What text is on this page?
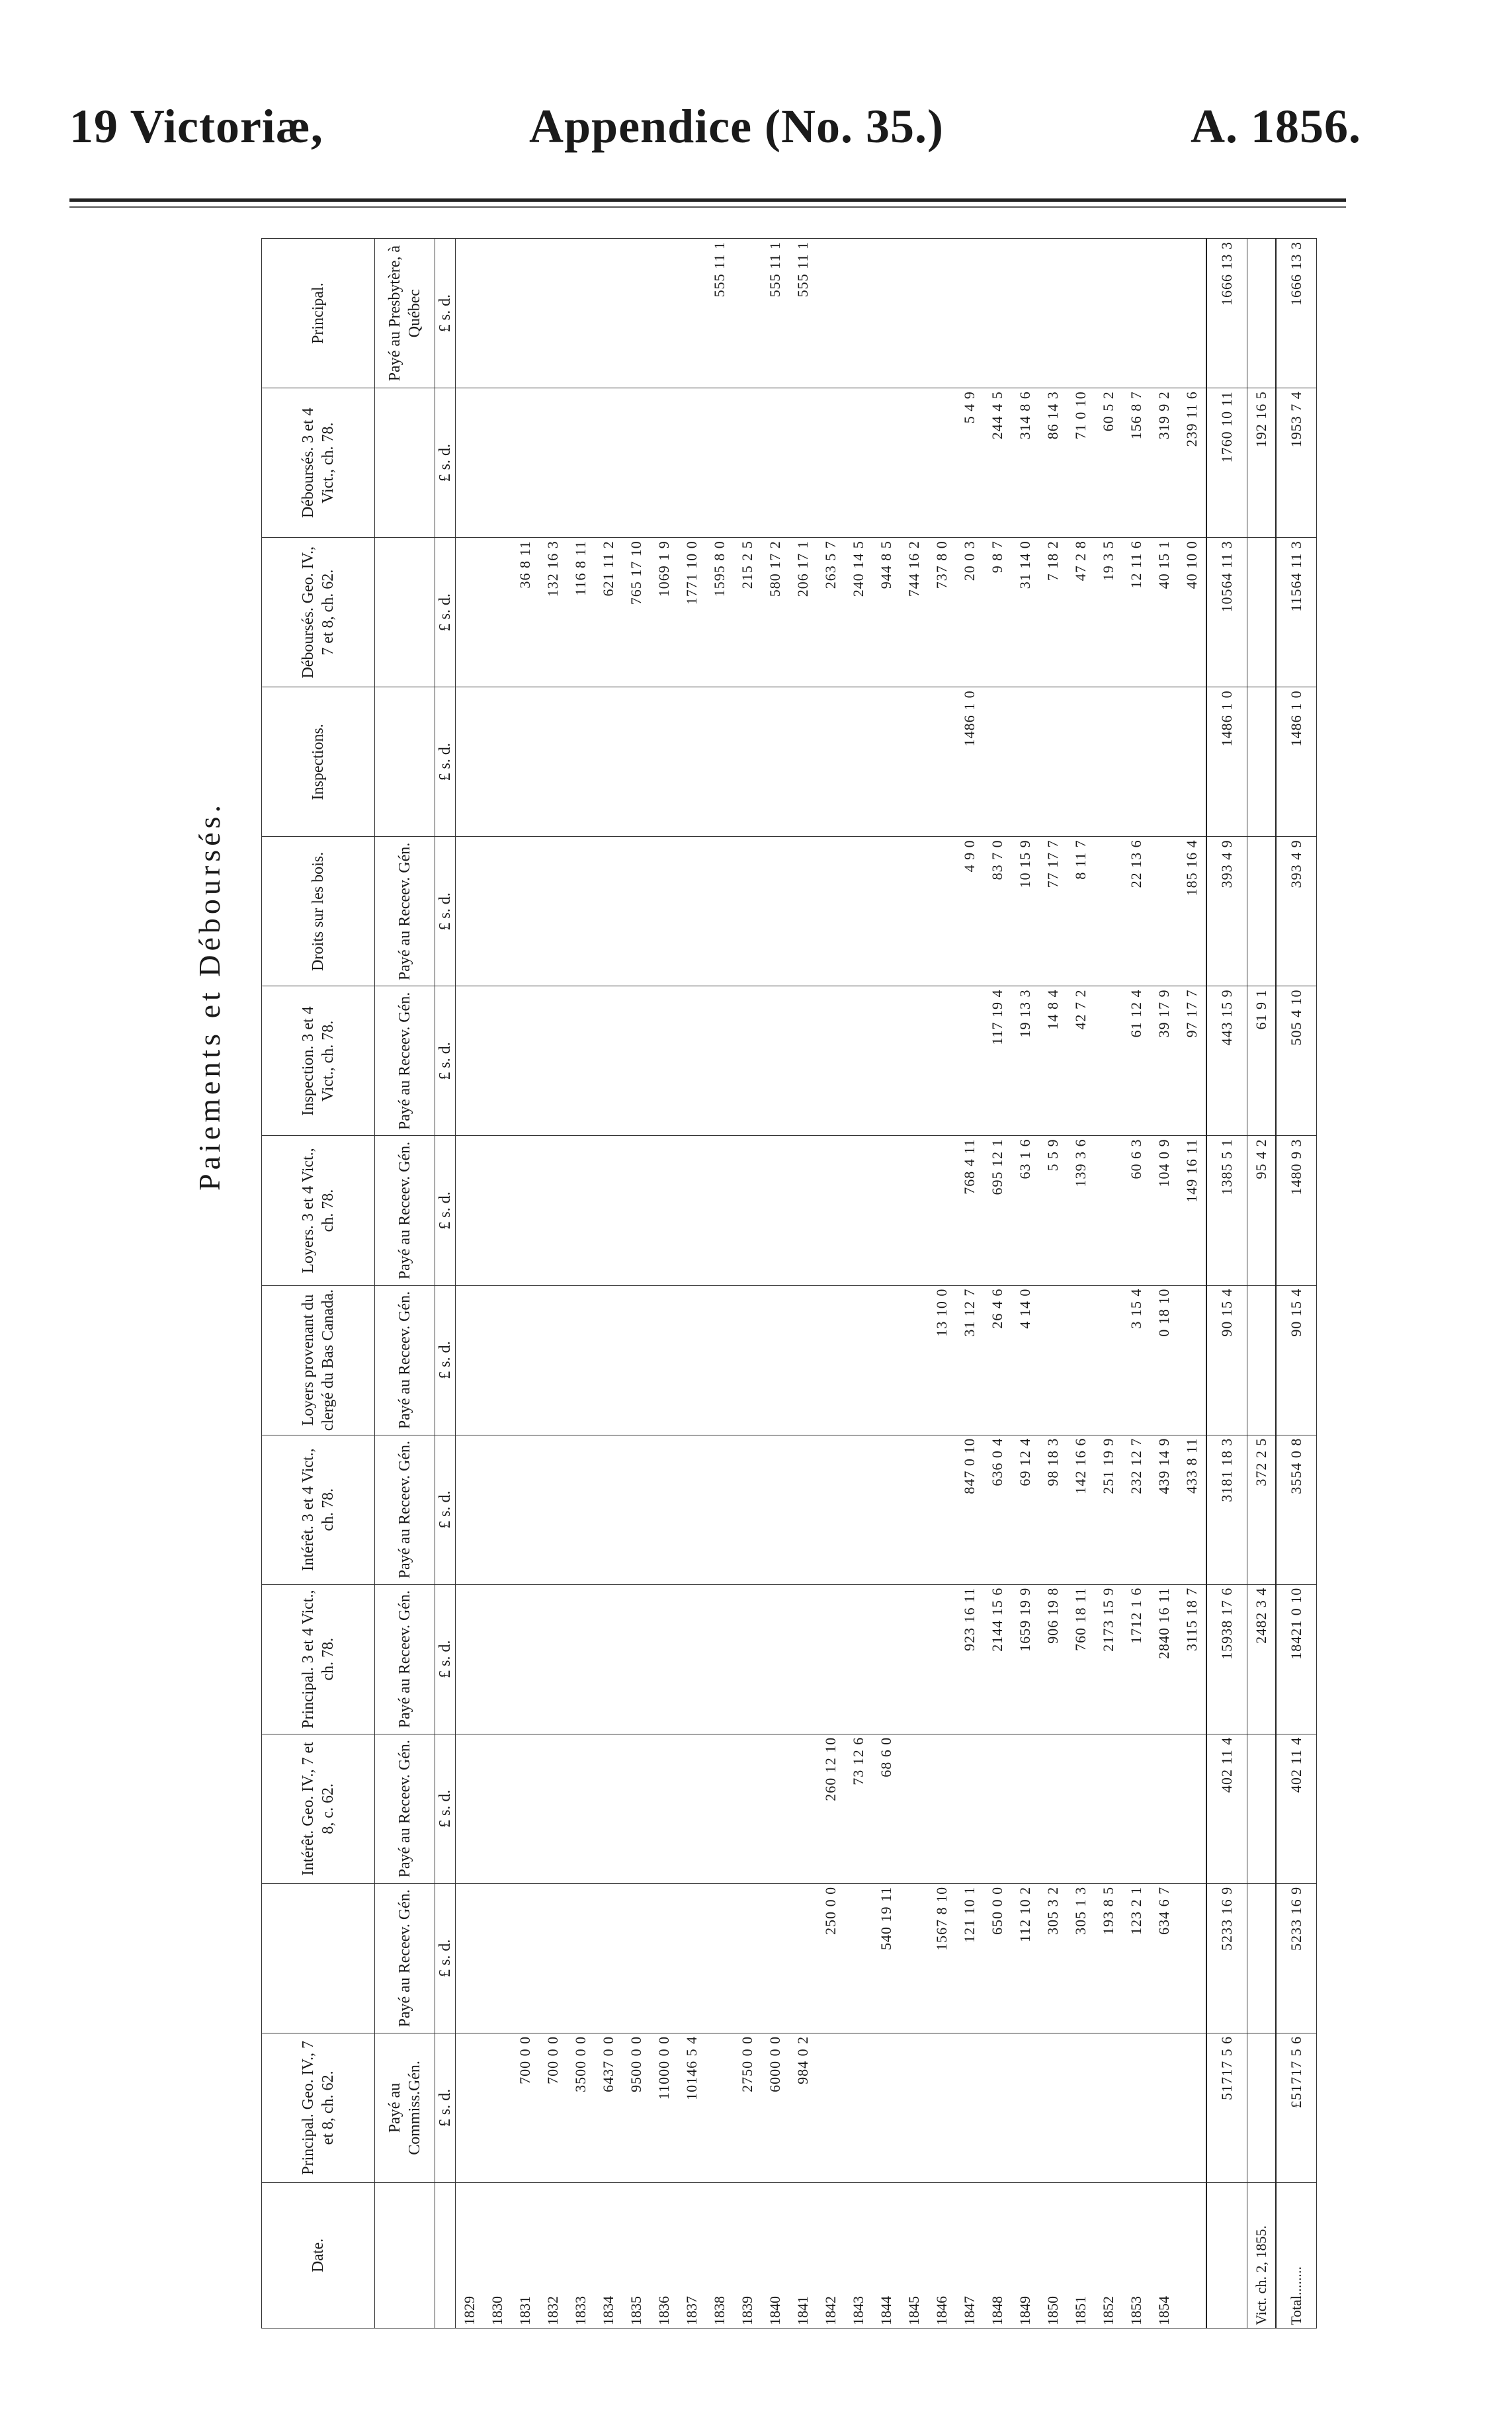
19 Victoriæ,	Appendice (No. 35.)	A. 1856.
Paiements et Déboursés.
Date.	Principal. Geo. IV., 7 et 8, ch. 62.		Intérêt. Geo. IV., 7 et 8, c. 62.	Principal. 3 et 4 Vict., ch. 78.	Intérêt. 3 et 4 Vict., ch. 78.	Loyers provenant du clergé du Bas Canada.	Loyers. 3 et 4 Vict., ch. 78.	Inspection. 3 et 4 Vict., ch. 78.	Droits sur les bois.	Inspections.	Déboursés. Geo. IV., 7 et 8, ch. 62.	Déboursés. 3 et 4 Vict., ch. 78.	Principal.
	Payé au Commiss.Gén.	Payé au Receev. Gén.	Payé au Receev. Gén.	Payé au Receev. Gén.	Payé au Receev. Gén.	Payé au Receev. Gén.	Payé au Receev. Gén.	Payé au Receev. Gén.	Payé au Receev. Gén.				Payé au Presbytère, à Québec
	£ s. d.	£ s. d.	£ s. d.	£ s. d.	£ s. d.	£ s. d.	£ s. d.	£ s. d.	£ s. d.	£ s. d.	£ s. d.	£ s. d.	£ s. d.
1829													
1830													
1831	700 0 0										36 8 11		
1832	700 0 0										132 16 3		
1833	3500 0 0										116 8 11		
1834	6437 0 0										621 11 2		
1835	9500 0 0										765 17 10		
1836	11000 0 0										1069 1 9		
1837	10146 5 4										1771 10 0		
1838											1595 8 0		555 11 1
1839	2750 0 0										215 2 5		
1840	6000 0 0										580 17 2		555 11 1
1841	984 0 2										206 17 1		555 11 1
1842		250 0 0	260 12 10								263 5 7		
1843			73 12 6								240 14 5		
1844		540 19 11	68 6 0								944 8 5		
1845											744 16 2		
1846		1567 8 10				13 10 0					737 8 0		
1847		121 10 1		923 16 11	847 0 10	31 12 7	768 4 11		4 9 0	1486 1 0	20 0 3	5 4 9	
1848		650 0 0		2144 15 6	636 0 4	26 4 6	695 12 1	117 19 4	83 7 0		9 8 7	244 4 5	
1849		112 10 2		1659 19 9	69 12 4	4 14 0	63 1 6	19 13 3	10 15 9		31 14 0	314 8 6	
1850		305 3 2		906 19 8	98 18 3		5 5 9	14 8 4	77 17 7		7 18 2	86 14 3	
1851		305 1 3		760 18 11	142 16 6		139 3 6	42 7 2	8 11 7		47 2 8	71 0 10	
1852		193 8 5		2173 15 9	251 19 9						19 3 5	60 5 2	
1853		123 2 1		1712 1 6	232 12 7	3 15 4	60 6 3	61 12 4	22 13 6		12 11 6	156 8 7	
1854		634 6 7		2840 16 11	439 14 9	0 18 10	104 0 9	39 17 9			40 15 1	319 9 2	
				3115 18 7	433 8 11		149 16 11	97 17 7	185 16 4		40 10 0	239 11 6	
	51717 5 6	5233 16 9	402 11 4	15938 17 6	3181 18 3	90 15 4	1385 5 1	443 15 9	393 4 9	1486 1 0	10564 11 3	1760 10 11	1666 13 3
Vict. ch. 2, 1855.				2482 3 4	372 2 5		95 4 2	61 9 1				192 16 5	
Total........	£51717 5 6	5233 16 9	402 11 4	18421 0 10	3554 0 8	90 15 4	1480 9 3	505 4 10	393 4 9	1486 1 0	11564 11 3	1953 7 4	1666 13 3
